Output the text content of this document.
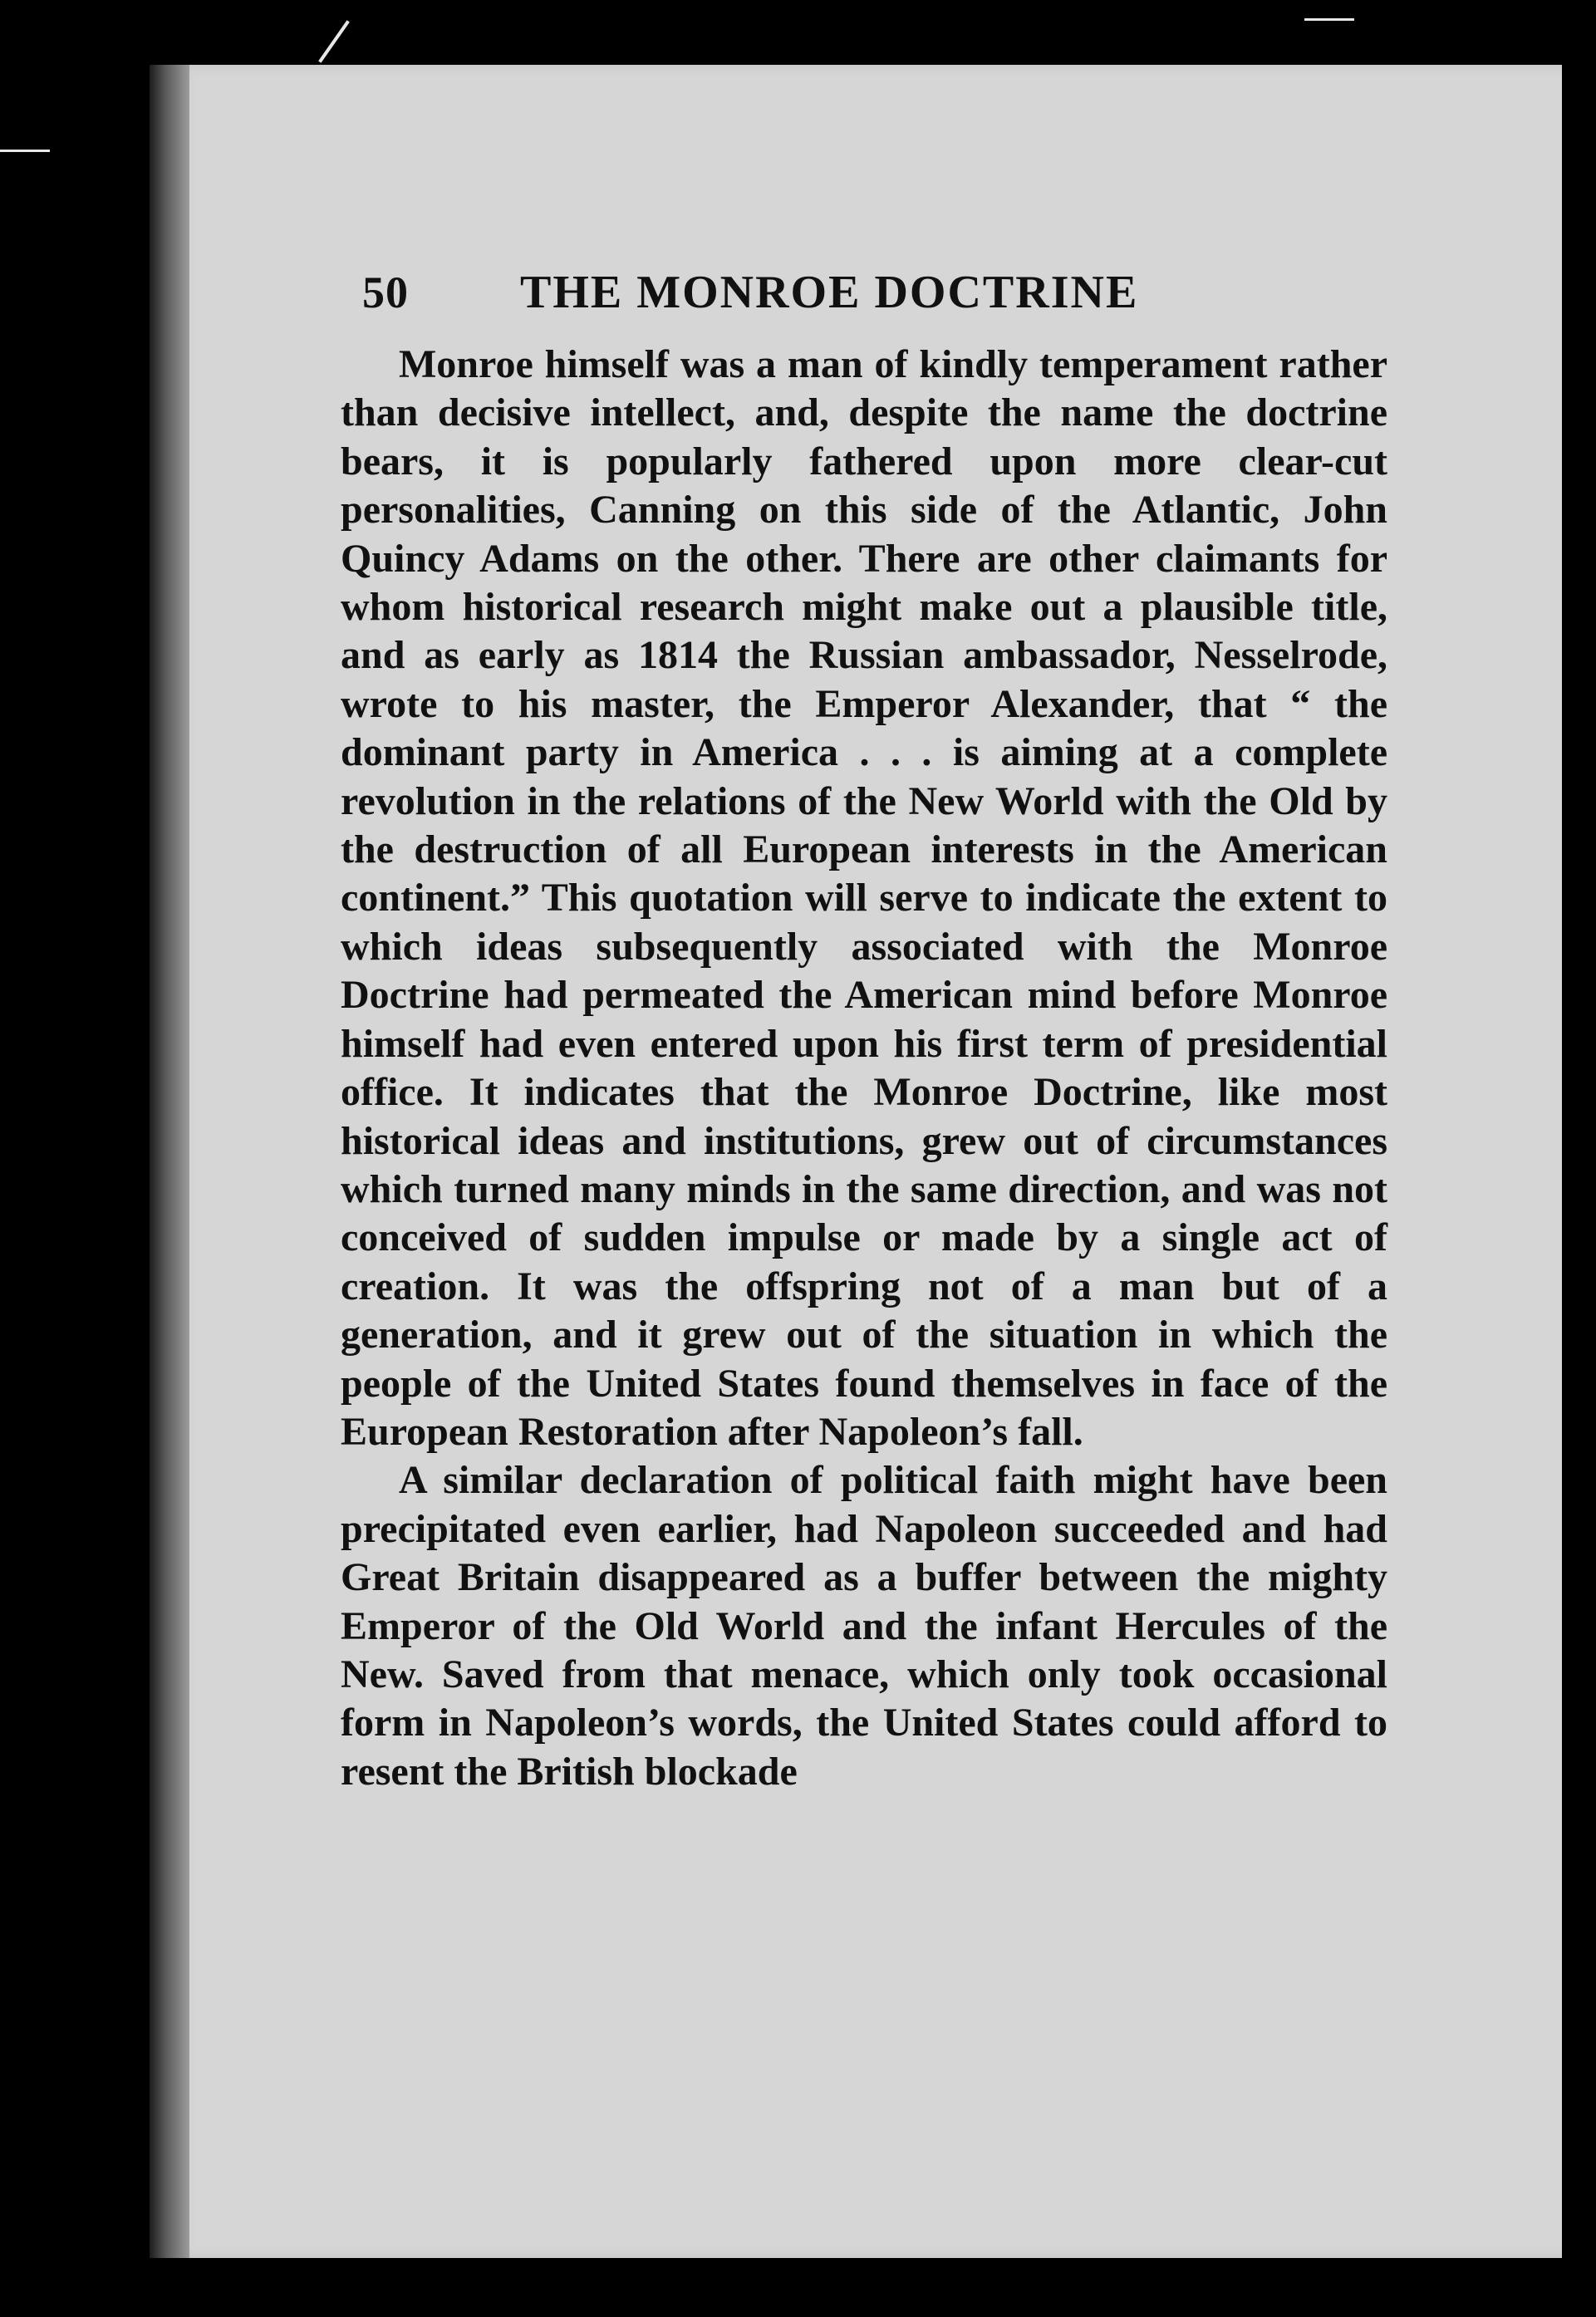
50	THE MONROE DOCTRINE

Monroe himself was a man of kindly temperament rather than decisive intellect, and, despite the name the doctrine bears, it is popularly fathered upon more clear-cut personalities, Canning on this side of the Atlantic, John Quincy Adams on the other. There are other claimants for whom historical research might make out a plausible title, and as early as 1814 the Russian ambassador, Nesselrode, wrote to his master, the Emperor Alexander, that “ the dominant party in America . . . is aiming at a complete revolution in the relations of the New World with the Old by the destruction of all European interests in the American continent.” This quotation will serve to indicate the extent to which ideas subsequently associated with the Monroe Doctrine had permeated the American mind before Monroe himself had even entered upon his first term of presidential office. It indicates that the Monroe Doctrine, like most historical ideas and institutions, grew out of circumstances which turned many minds in the same direction, and was not conceived of sudden impulse or made by a single act of creation. It was the offspring not of a man but of a generation, and it grew out of the situation in which the people of the United States found themselves in face of the European Restoration after Napoleon’s fall.

A similar declaration of political faith might have been precipitated even earlier, had Napoleon succeeded and had Great Britain disappeared as a buffer between the mighty Emperor of the Old World and the infant Hercules of the New. Saved from that menace, which only took occasional form in Napoleon’s words, the United States could afford to resent the British blockade
